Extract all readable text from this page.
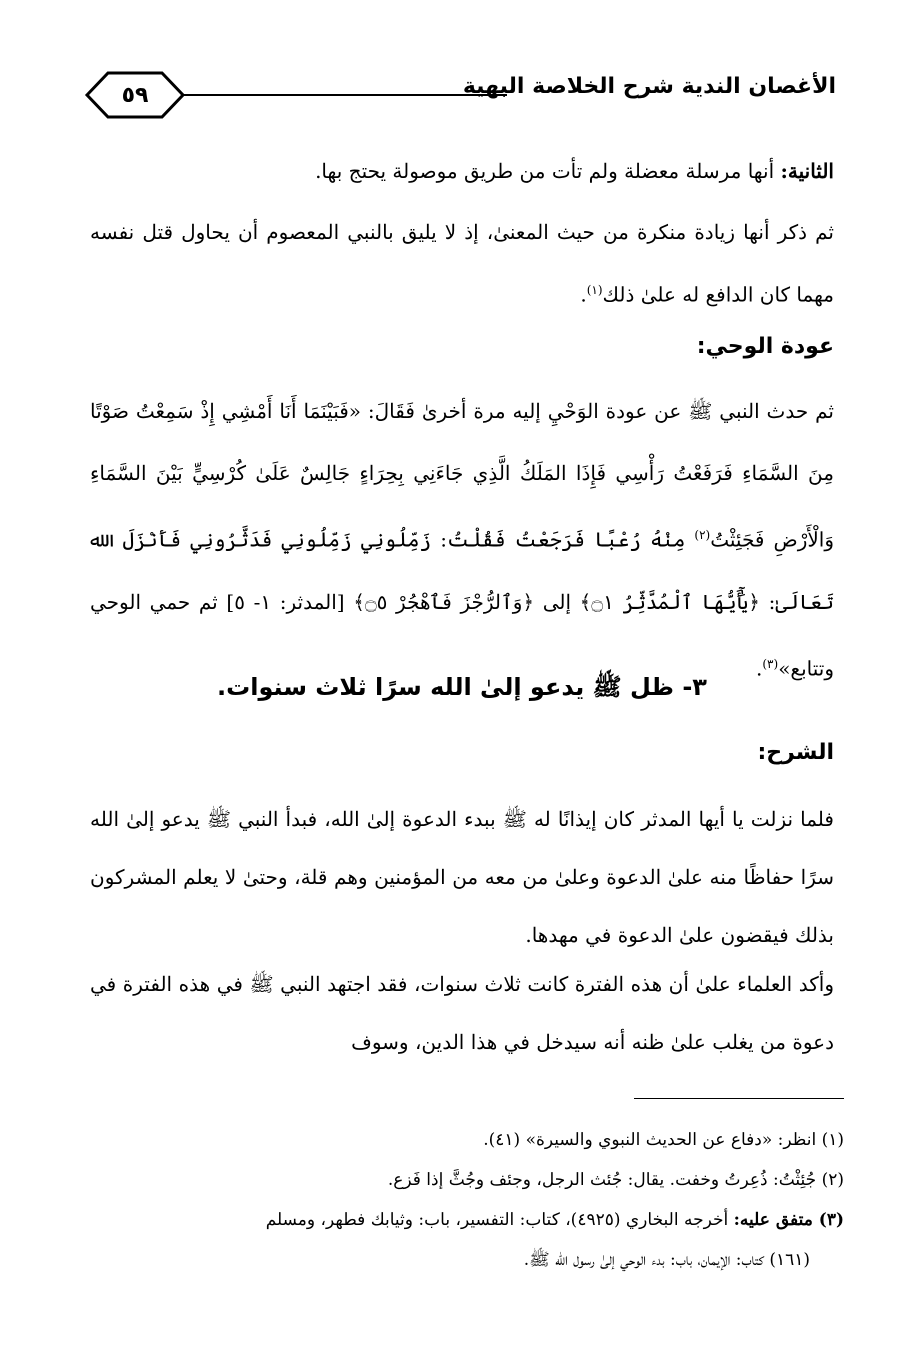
٥٩	الأغصان الندية شرح الخلاصة البهية

الثانية: أنها مرسلة معضلة ولم تأت من طريق موصولة يحتج بها.

ثم ذكر أنها زيادة منكرة من حيث المعنىٰ، إذ لا يليق بالنبي المعصوم أن يحاول قتل نفسه مهما كان الدافع له علىٰ ذلك$^{(١)}$.

عودة الوحي:

ثم حدث النبي ﷺ عن عودة الوَحْيِ إليه مرة أخرىٰ فَقَالَ: «فَبَيْنَمَا أَنَا أَمْشِي إِذْ سَمِعْتُ صَوْتًا مِنَ السَّمَاءِ فَرَفَعْتُ رَأْسِي فَإِذَا المَلَكُ الَّذِي جَاءَنِي بِحِرَاءٍ جَالِسٌ عَلَىٰ كُرْسِيٍّ بَيْنَ السَّمَاءِ وَالْأَرْضِ فَجَئِثْتُ$^{(٢)}$ مِنْهُ رُعْبًا فَرَجَعْتُ فَقُلْتُ: زَمِّلُونِي زَمِّلُونِي فَدَثَّرُونِي فَأَنْزَلَ الله تَعَالَىٰ: ﴿يَٰٓأَيُّهَا ٱلْمُدَّثِّرُ ۝١﴾ إلى ﴿وَٱلرُّجْزَ فَٱهْجُرْ ۝٥﴾ [المدثر: ١- ٥] ثم حمي الوحي وتتابع»$^{(٣)}$.

٣- ظل ﷺ يدعو إلىٰ الله سرًا ثلاث سنوات.
الشرح:

فلما نزلت يا أيها المدثر كان إيذانًا له ﷺ ببدء الدعوة إلىٰ الله، فبدأ النبي ﷺ يدعو إلىٰ الله سرًا حفاظًا منه علىٰ الدعوة وعلىٰ من معه من المؤمنين وهم قلة، وحتىٰ لا يعلم المشركون بذلك فيقضون علىٰ الدعوة في مهدها.

وأكد العلماء علىٰ أن هذه الفترة كانت ثلاث سنوات، فقد اجتهد النبي ﷺ في هذه الفترة في دعوة من يغلب علىٰ ظنه أنه سيدخل في هذا الدين، وسوف

(١) انظر: «دفاع عن الحديث النبوي والسيرة» (٤١).

(٢) جُئِثْتُ: ذُعِرتُ وخفت. يقال: جُئث الرجل، وجئف وجُثَّ إذا فَزع.

(٣) متفق عليه: أخرجه البخاري (٤٩٢٥)، كتاب: التفسير، باب: وثيابك فطهر، ومسلم

(١٦١) كتاب: الإيمان، باب: بدء الوحي إلىٰ رسول الله ﷺ.
